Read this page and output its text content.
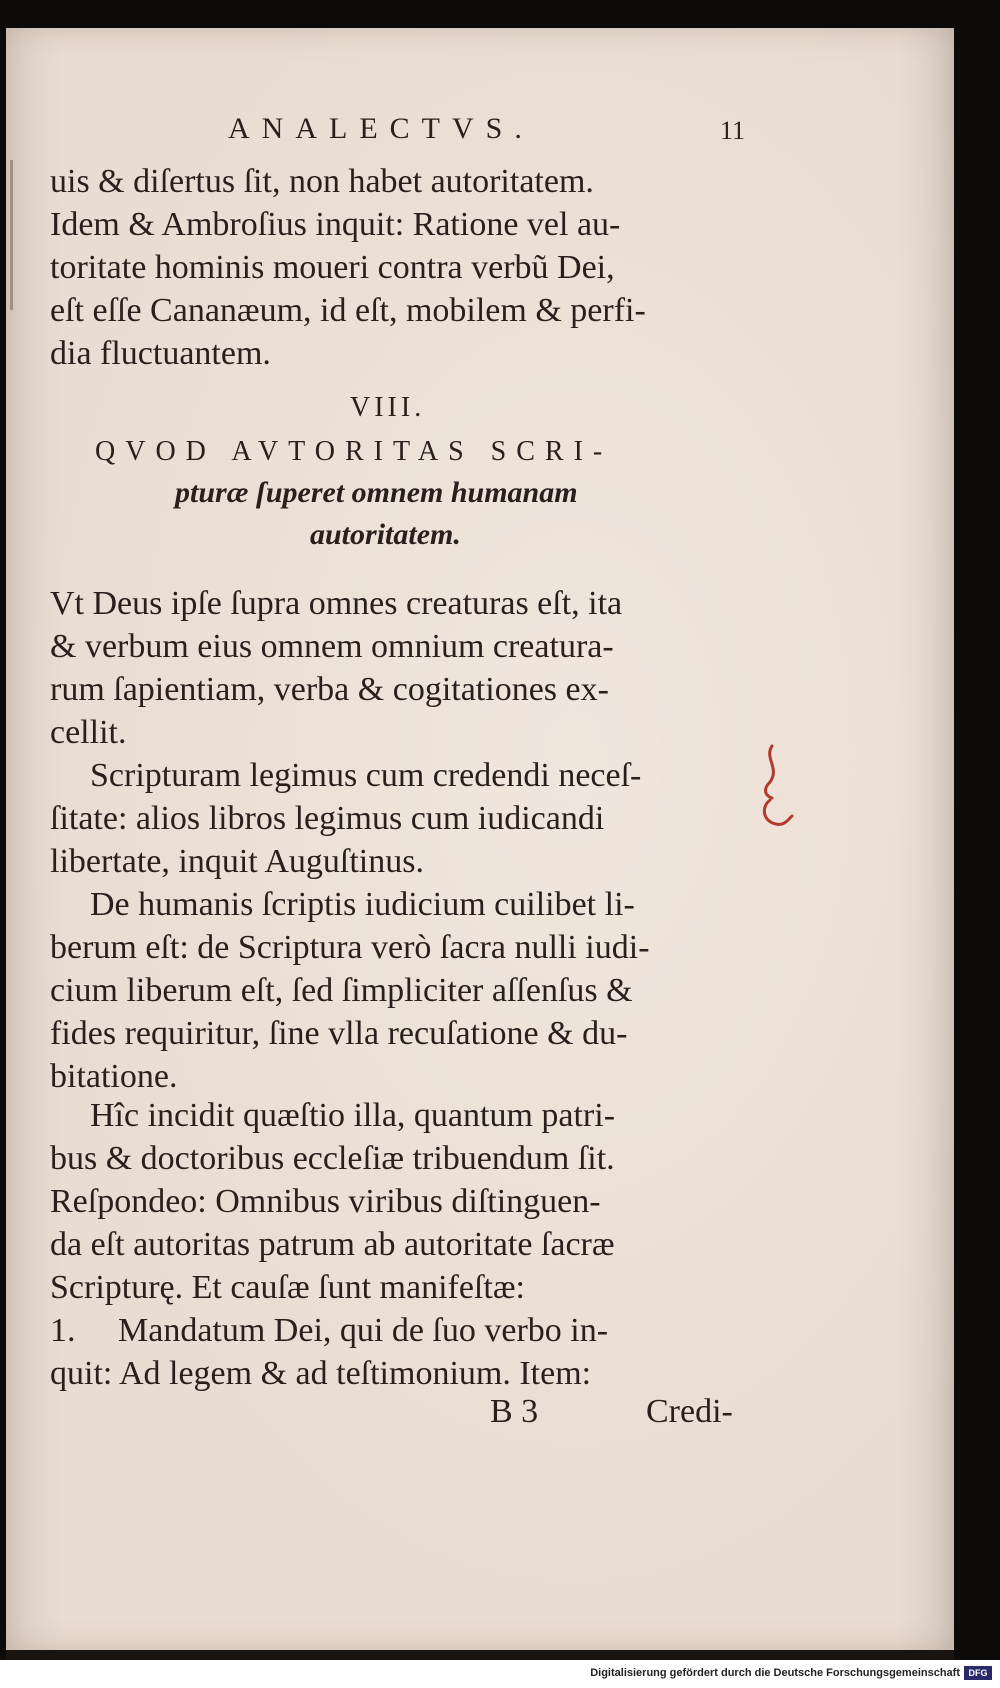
ANALECTVS.	11
uis & diſertus ſit, non habet autoritatem.
Idem & Ambroſius inquit: Ratione vel au-
toritate hominis moueri contra verbũ Dei,
eſt eſſe Cananæum, id eſt, mobilem & perfi-
dia fluctuantem.
VIII.
QVOD AVTORITAS SCRI-
pturæ ſuperet omnem humanam
autoritatem.
Vt Deus ipſe ſupra omnes creaturas eſt, ita
& verbum eius omnem omnium creatura-
rum ſapientiam, verba & cogitationes ex-
cellit.
Scripturam legimus cum credendi neceſ-
ſitate: alios libros legimus cum iudicandi
libertate, inquit Auguſtinus.
De humanis ſcriptis iudicium cuilibet li-
berum eſt: de Scriptura verò ſacra nulli iudi-
cium liberum eſt, ſed ſimpliciter aſſenſus &
fides requiritur, ſine vlla recuſatione & du-
bitatione.
Hîc incidit quæſtio illa, quantum patri-
bus & doctoribus eccleſiæ tribuendum ſit.
Reſpondeo: Omnibus viribus diſtinguen-
da eſt autoritas patrum ab autoritate ſacræ
Scripturę. Et cauſæ ſunt manifeſtæ:
1.     Mandatum Dei, qui de ſuo verbo in-
quit: Ad legem & ad teſtimonium. Item:
B 3	Credi-
Digitalisierung gefördert durch die Deutsche Forschungsgemeinschaft DFG
